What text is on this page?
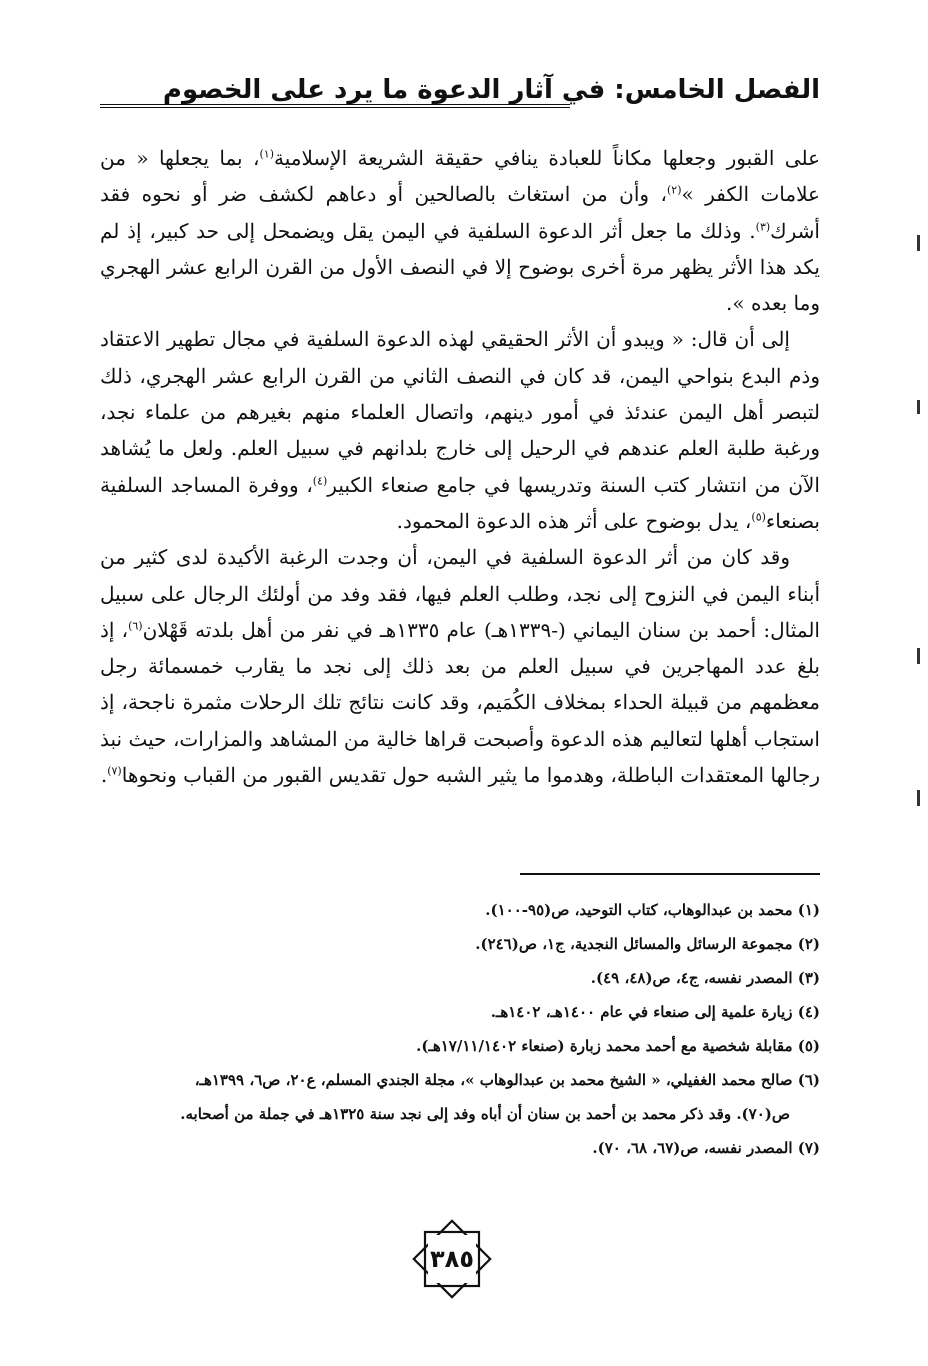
الفصل الخامس: في آثار الدعوة ما يرد على الخصوم

على القبور وجعلها مكاناً للعبادة ينافي حقيقة الشريعة الإسلامية$^{(١)}$، بما يجعلها « من علامات الكفر »$^{(٢)}$، وأن من استغاث بالصالحين أو دعاهم لكشف ضر أو نحوه فقد أشرك$^{(٣)}$. وذلك ما جعل أثر الدعوة السلفية في اليمن يقل ويضمحل إلى حد كبير، إذ لم يكد هذا الأثر يظهر مرة أخرى بوضوح إلا في النصف الأول من القرن الرابع عشر الهجري وما بعده ».

إلى أن قال: « ويبدو أن الأثر الحقيقي لهذه الدعوة السلفية في مجال تطهير الاعتقاد وذم البدع بنواحي اليمن، قد كان في النصف الثاني من القرن الرابع عشر الهجري، ذلك لتبصر أهل اليمن عندئذ في أمور دينهم، واتصال العلماء منهم بغيرهم من علماء نجد، ورغبة طلبة العلم عندهم في الرحيل إلى خارج بلدانهم في سبيل العلم. ولعل ما يُشاهد الآن من انتشار كتب السنة وتدريسها في جامع صنعاء الكبير$^{(٤)}$، ووفرة المساجد السلفية بصنعاء$^{(٥)}$، يدل بوضوح على أثر هذه الدعوة المحمود.

وقد كان من أثر الدعوة السلفية في اليمن، أن وجدت الرغبة الأكيدة لدى كثير من أبناء اليمن في النزوح إلى نجد، وطلب العلم فيها، فقد وفد من أولئك الرجال على سبيل المثال: أحمد بن سنان اليماني (-١٣٣٩هـ) عام ١٣٣٥هـ في نفر من أهل بلدته قَهْلان$^{(٦)}$، إذ بلغ عدد المهاجرين في سبيل العلم من بعد ذلك إلى نجد ما يقارب خمسمائة رجل معظمهم من قبيلة الحداء بمخلاف الكُمَيم، وقد كانت نتائج تلك الرحلات مثمرة ناجحة، إذ استجاب أهلها لتعاليم هذه الدعوة وأصبحت قراها خالية من المشاهد والمزارات، حيث نبذ رجالها المعتقدات الباطلة، وهدموا ما يثير الشبه حول تقديس القبور من القباب ونحوها$^{(٧)}$.

(١) محمد بن عبدالوهاب، كتاب التوحيد، ص(٩٥-١٠٠).

(٢) مجموعة الرسائل والمسائل النجدية، ج١، ص(٢٤٦).

(٣) المصدر نفسه، ج٤، ص(٤٨، ٤٩).

(٤) زيارة علمية إلى صنعاء في عام ١٤٠٠هـ، ١٤٠٢هـ.

(٥) مقابلة شخصية مع أحمد محمد زبارة (صنعاء ١٧/١١/١٤٠٢هـ).

(٦) صالح محمد الغفيلي، « الشيخ محمد بن عبدالوهاب »، مجلة الجندي المسلم، ع٢٠، ص٦، ١٣٩٩هـ،

ص(٧٠). وقد ذكر محمد بن أحمد بن سنان أن أباه وفد إلى نجد سنة ١٣٢٥هـ في جملة من أصحابه.

(٧) المصدر نفسه، ص(٦٧، ٦٨، ٧٠).

٣٨٥
